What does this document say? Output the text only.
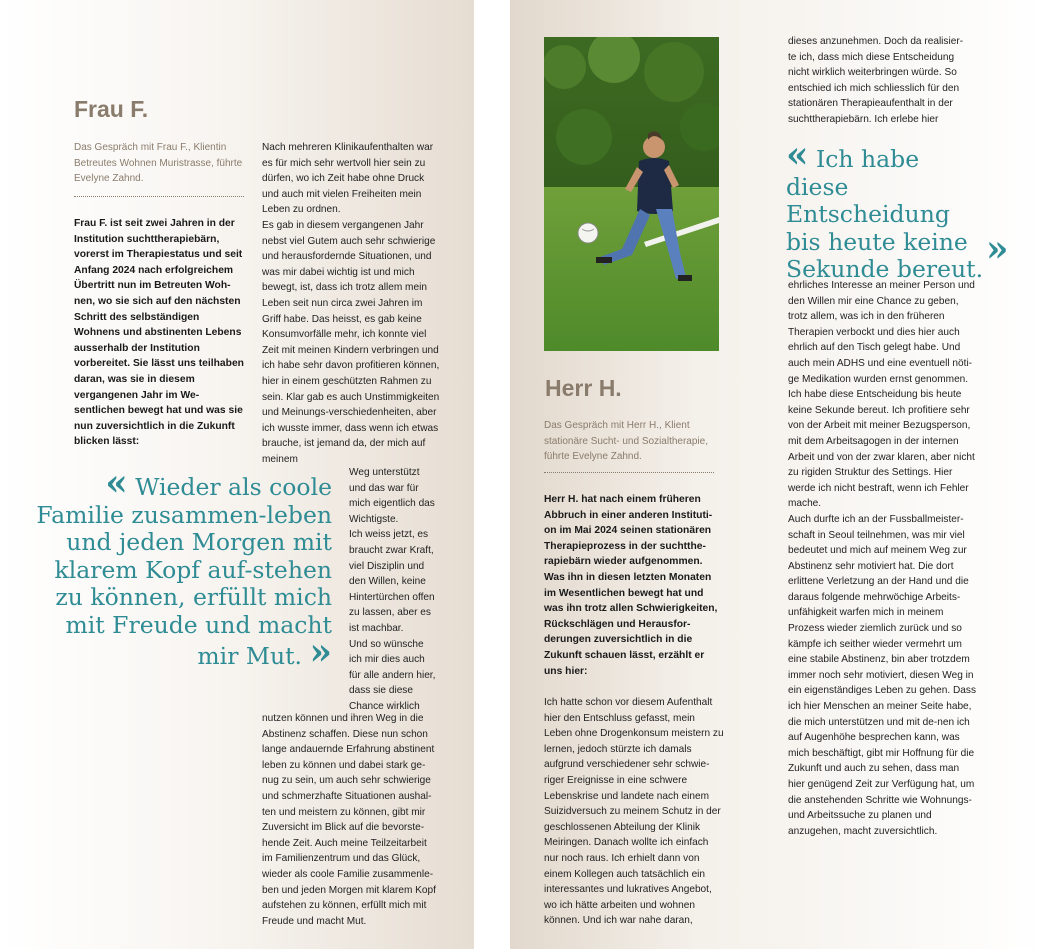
Frau F.

Das Gespräch mit Frau F., Klientin Betreutes Wohnen Muristrasse, führte Evelyne Zahnd.

Frau F. ist seit zwei Jahren in der Institution suchttherapiebärn, vorerst im Therapiestatus und seit Anfang 2024 nach erfolgreichem Übertritt nun im Betreuten Woh-nen, wo sie sich auf den nächsten Schritt des selbständigen Wohnens und abstinenten Lebens ausserhalb der Institution vorbereitet. Sie lässt uns teilhaben daran, was sie in diesem vergangenen Jahr im We-sentlichen bewegt hat und was sie nun zuversichtlich in die Zukunft blicken lässt:

« Wieder als coole Familie zusammen-leben und jeden Morgen mit klarem Kopf auf-stehen zu können, erfüllt mich mit Freude und macht mir Mut. »

Nach mehreren Klinikaufenthalten war es für mich sehr wertvoll hier sein zu dürfen, wo ich Zeit habe ohne Druck und auch mit vielen Freiheiten mein Leben zu ordnen.
Es gab in diesem vergangenen Jahr nebst viel Gutem auch sehr schwierige und herausfordernde Situationen, und was mir dabei wichtig ist und mich bewegt, ist, dass ich trotz allem mein Leben seit nun circa zwei Jahren im Griff habe. Das heisst, es gab keine Konsumvorfälle mehr, ich konnte viel Zeit mit meinen Kindern verbringen und ich habe sehr davon profitieren können, hier in einem geschützten Rahmen zu sein. Klar gab es auch Unstimmigkeiten und Meinungs-verschiedenheiten, aber ich wusste immer, dass wenn ich etwas brauche, ist jemand da, der mich auf meinem

Weg unterstützt und das war für mich eigentlich das Wichtigste.
Ich weiss jetzt, es braucht zwar Kraft, viel Disziplin und den Willen, keine Hintertürchen offen zu lassen, aber es ist machbar.
Und so wünsche ich mir dies auch für alle andern hier, dass sie diese Chance wirklich

nutzen können und ihren Weg in die Abstinenz schaffen. Diese nun schon lange andauernde Erfahrung abstinent leben zu können und dabei stark ge-nug zu sein, um auch sehr schwierige und schmerzhafte Situationen aushal-ten und meistern zu können, gibt mir Zuversicht im Blick auf die bevorste-hende Zeit. Auch meine Teilzeitarbeit im Familienzentrum und das Glück, wieder als coole Familie zusammenle-ben und jeden Morgen mit klarem Kopf aufstehen zu können, erfüllt mich mit Freude und macht Mut.

Herr H.

Das Gespräch mit Herr H., Klient stationäre Sucht- und Sozialtherapie, führte Evelyne Zahnd.

Herr H. hat nach einem früheren Abbruch in einer anderen Instituti-on im Mai 2024 seinen stationären Therapieprozess in der suchtthe-rapiebärn wieder aufgenommen. Was ihn in diesen letzten Monaten im Wesentlichen bewegt hat und was ihn trotz allen Schwierigkeiten, Rückschlägen und Herausfor-derungen zuversichtlich in die Zukunft schauen lässt, erzählt er uns hier:

Ich hatte schon vor diesem Aufenthalt hier den Entschluss gefasst, mein Leben ohne Drogenkonsum meistern zu lernen, jedoch stürzte ich damals aufgrund verschiedener sehr schwie-riger Ereignisse in eine schwere Lebenskrise und landete nach einem Suizidversuch zu meinem Schutz in der geschlossenen Abteilung der Klinik Meiringen. Danach wollte ich einfach nur noch raus. Ich erhielt dann von einem Kollegen auch tatsächlich ein interessantes und lukratives Angebot, wo ich hätte arbeiten und wohnen können. Und ich war nahe daran,

dieses anzunehmen. Doch da realisier-te ich, dass mich diese Entscheidung nicht wirklich weiterbringen würde. So entschied ich mich schliesslich für den stationären Therapieaufenthalt in der suchttherapiebärn. Ich erlebe hier

« Ich habe diese Entscheidung bis heute keine Sekunde bereut. »

ehrliches Interesse an meiner Person und den Willen mir eine Chance zu geben, trotz allem, was ich in den früheren Therapien verbockt und dies hier auch ehrlich auf den Tisch gelegt habe. Und auch mein ADHS und eine eventuell nöti-ge Medikation wurden ernst genommen. Ich habe diese Entscheidung bis heute keine Sekunde bereut. Ich profitiere sehr von der Arbeit mit meiner Bezugsperson, mit dem Arbeitsagogen in der internen Arbeit und von der zwar klaren, aber nicht zu rigiden Struktur des Settings. Hier werde ich nicht bestraft, wenn ich Fehler mache.
Auch durfte ich an der Fussballmeister-schaft in Seoul teilnehmen, was mir viel bedeutet und mich auf meinem Weg zur Abstinenz sehr motiviert hat. Die dort erlittene Verletzung an der Hand und die daraus folgende mehrwöchige Arbeits-unfähigkeit warfen mich in meinem Prozess wieder ziemlich zurück und so kämpfe ich seither wieder vermehrt um eine stabile Abstinenz, bin aber trotzdem immer noch sehr motiviert, diesen Weg in ein eigenständiges Leben zu gehen. Dass ich hier Menschen an meiner Seite habe, die mich unterstützen und mit de-nen ich auf Augenhöhe besprechen kann, was mich beschäftigt, gibt mir Hoffnung für die Zukunft und auch zu sehen, dass man hier genügend Zeit zur Verfügung hat, um die anstehenden Schritte wie Wohnungs- und Arbeitssuche zu planen und anzugehen, macht zuversichtlich.
